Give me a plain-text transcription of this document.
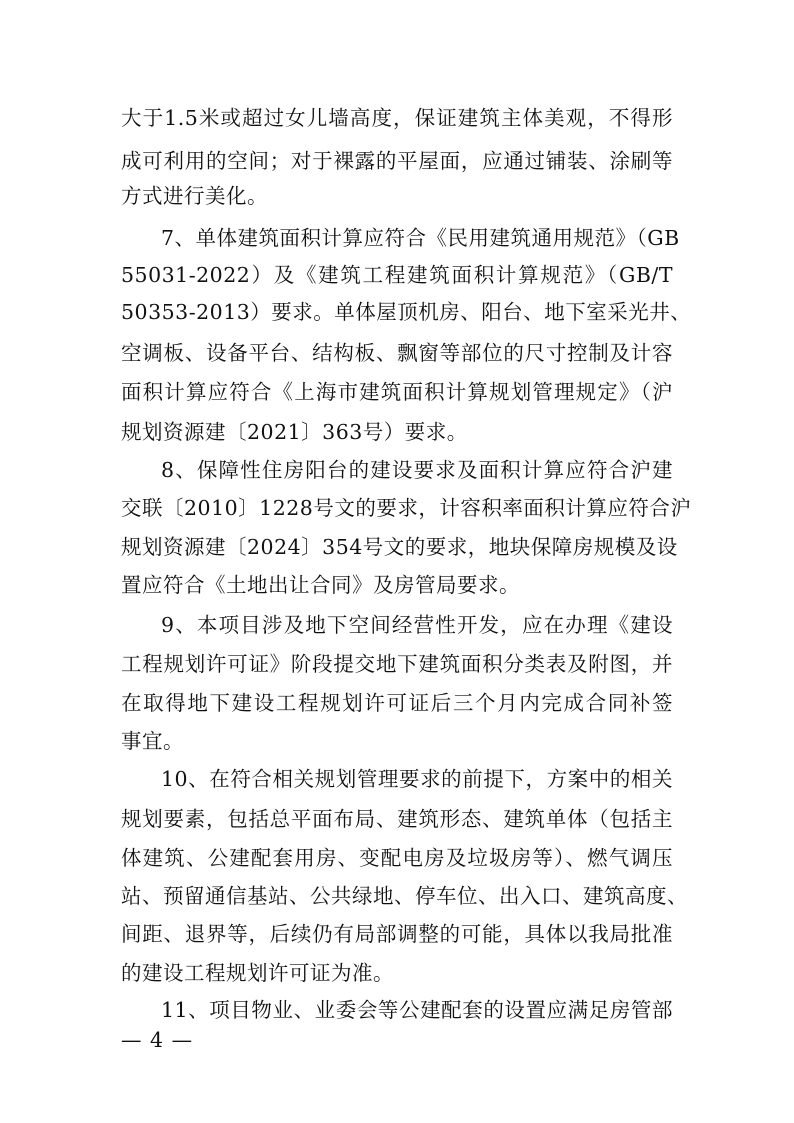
大于1.5米或超过女儿墙高度，保证建筑主体美观，不得形
成可利用的空间；对于裸露的平屋面，应通过铺装、涂刷等
方式进行美化。
7、单体建筑面积计算应符合《民用建筑通用规范》（GB
55031-2022）及《建筑工程建筑面积计算规范》（GB/T
50353-2013）要求。单体屋顶机房、阳台、地下室采光井、
空调板、设备平台、结构板、飘窗等部位的尺寸控制及计容
面积计算应符合《上海市建筑面积计算规划管理规定》（沪
规划资源建〔2021〕363号）要求。
8、保障性住房阳台的建设要求及面积计算应符合沪建
交联〔2010〕1228号文的要求，计容积率面积计算应符合沪
规划资源建〔2024〕354号文的要求，地块保障房规模及设
置应符合《土地出让合同》及房管局要求。
9、本项目涉及地下空间经营性开发，应在办理《建设
工程规划许可证》阶段提交地下建筑面积分类表及附图，并
在取得地下建设工程规划许可证后三个月内完成合同补签
事宜。
10、在符合相关规划管理要求的前提下，方案中的相关
规划要素，包括总平面布局、建筑形态、建筑单体（包括主
体建筑、公建配套用房、变配电房及垃圾房等）、燃气调压
站、预留通信基站、公共绿地、停车位、出入口、建筑高度、
间距、退界等，后续仍有局部调整的可能，具体以我局批准
的建设工程规划许可证为准。
11、项目物业、业委会等公建配套的设置应满足房管部
— 4 —
